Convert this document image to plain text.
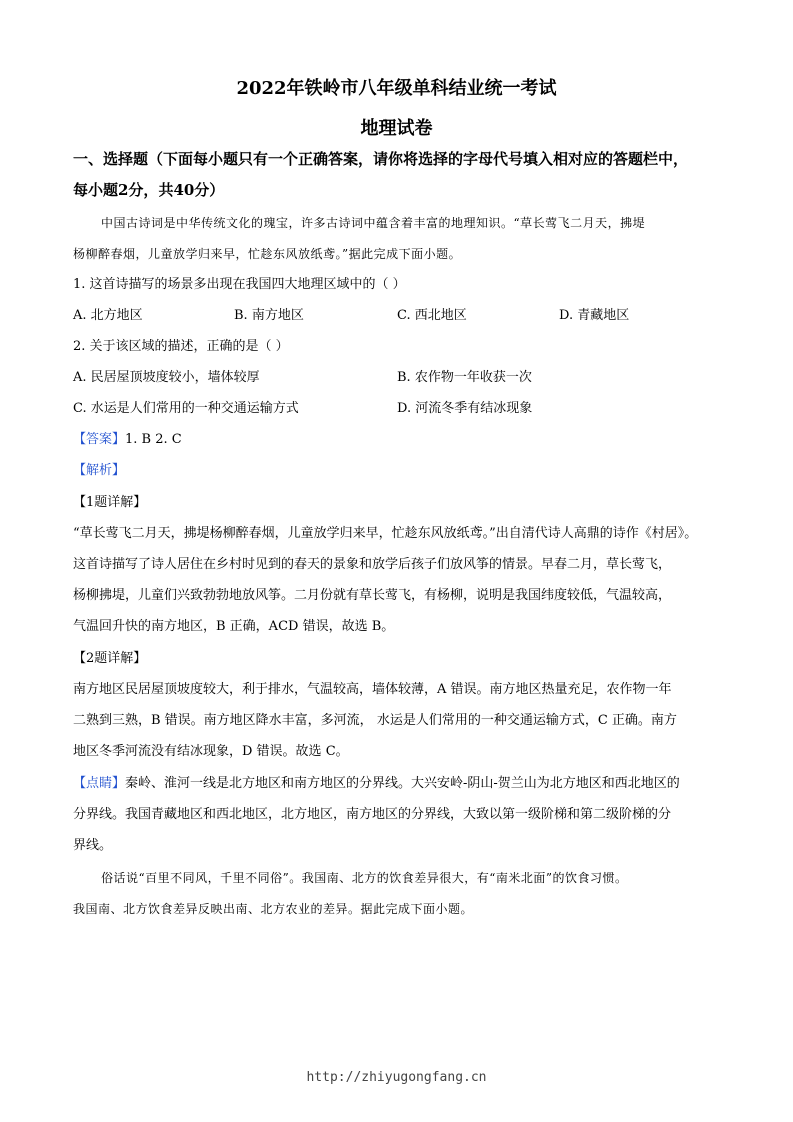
2022年铁岭市八年级单科结业统一考试
地理试卷
一、选择题（下面每小题只有一个正确答案，请你将选择的字母代号填入相对应的答题栏中，
每小题2分，共40分）
中国古诗词是中华传统文化的瑰宝，许多古诗词中蕴含着丰富的地理知识。“草长莺飞二月天，拂堤
杨柳醉春烟，儿童放学归来早，忙趁东风放纸鸢。”据此完成下面小题。
1. 这首诗描写的场景多出现在我国四大地理区域中的（ ）
A. 北方地区	B. 南方地区	C. 西北地区	D. 青藏地区
2. 关于该区域的描述，正确的是（ ）
A. 民居屋顶坡度较小，墙体较厚	B. 农作物一年收获一次
C. 水运是人们常用的一种交通运输方式	D. 河流冬季有结冰现象
【答案】1. B 2. C
【解析】
【1题详解】
“草长莺飞二月天，拂堤杨柳醉春烟，儿童放学归来早，忙趁东风放纸鸢。”出自清代诗人高鼎的诗作《村居》。
这首诗描写了诗人居住在乡村时见到的春天的景象和放学后孩子们放风筝的情景。早春二月，草长莺飞，
杨柳拂堤，儿童们兴致勃勃地放风筝。二月份就有草长莺飞，有杨柳，说明是我国纬度较低，气温较高，
气温回升快的南方地区，B 正确，ACD 错误，故选 B。
【2题详解】
南方地区民居屋顶坡度较大，利于排水，气温较高，墙体较薄，A 错误。南方地区热量充足，农作物一年
二熟到三熟，B 错误。南方地区降水丰富，多河流， 水运是人们常用的一种交通运输方式，C 正确。南方
地区冬季河流没有结冰现象，D 错误。故选 C。
【点睛】秦岭、淮河一线是北方地区和南方地区的分界线。大兴安岭-阴山-贺兰山为北方地区和西北地区的
分界线。我国青藏地区和西北地区，北方地区，南方地区的分界线，大致以第一级阶梯和第二级阶梯的分
界线。
俗话说“百里不同风，千里不同俗”。我国南、北方的饮食差异很大，有“南米北面”的饮食习惯。
我国南、北方饮食差异反映出南、北方农业的差异。据此完成下面小题。
http://zhiyugongfang.cn
